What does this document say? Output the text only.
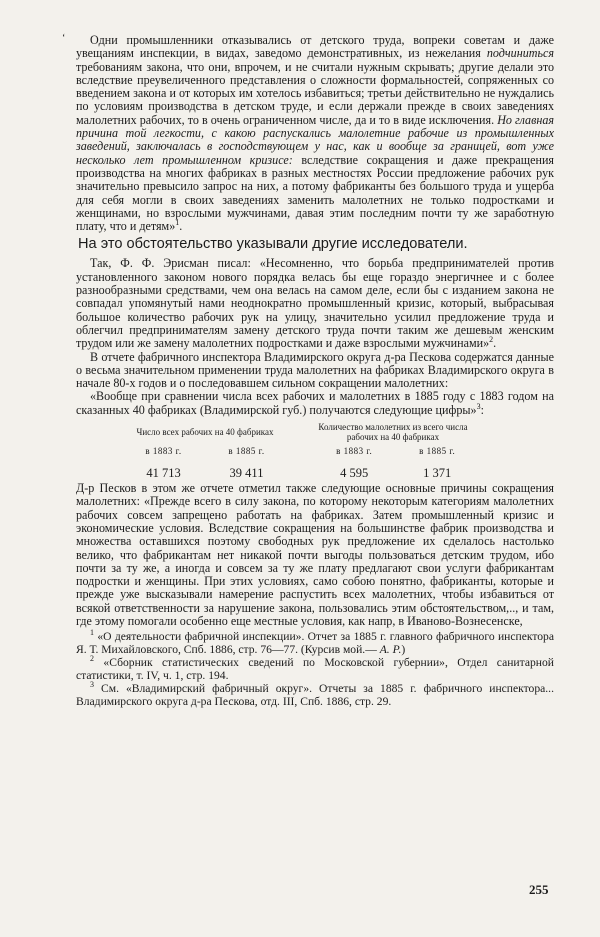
ʻ	Одни промышленники отказывались от детского труда, вопреки советам и даже увещаниям инспекции, в видах, заведомо демонстративных, из нежелания подчиниться требованиям закона, что они, впрочем, и не считали нужным скрывать; другие делали это вследствие преувеличенного представления о сложности формальностей, сопряженных со введением закона и от которых им хотелось избавиться; третьи действительно не нуждались по условиям производства в детском труде, и если держали прежде в своих заведениях малолетних рабочих, то в очень ограниченном числе, да и то в виде исключения. Но главная причина той легкости, с какою распускались малолетние рабочие из промышленных заведений, заключалась в господствующем у нас, как и вообще за границей, вот уже несколько лет промышленном кризисе: вследствие сокращения и даже прекращения производства на многих фабриках в разных местностях России предложение рабочих рук значительно превысило запрос на них, а потому фабриканты без большого труда и ущерба для себя могли в своих заведениях заменить малолетних не только подростками и женщинами, но взрослыми мужчинами, давая этим последним почти ту же заработную плату, что и детям»$^1$.

На это обстоятельство указывали другие исследователи.

Так, Ф. Ф. Эрисман писал: «Несомненно, что борьба предпринимателей против установленного законом нового порядка велась бы еще гораздо энергичнее и с более разнообразными средствами, чем она велась на самом деле, если бы с изданием закона не совпадал упомянутый нами неоднократно промышленный кризис, который, выбрасывая большое количество рабочих рук на улицу, значительно усилил предложение труда и облегчил предпринимателям замену детского труда почти таким же дешевым женским трудом или же замену малолетних подростками и даже взрослыми мужчинами»$^2$.

В отчете фабричного инспектора Владимирского округа д-ра Пескова содержатся данные о весьма значительном применении труда малолетних на фабриках Владимирского округа в начале 80-х годов и о последовавшем сильном сокращении малолетних:

«Вообще при сравнении числа всех рабочих и малолетних в 1885 году с 1883 годом на сказанных 40 фабриках (Владимирской губ.) получаются следующие цифры»$^3$:

Число всех рабочих на 40 фабриках		Количество малолетних из всего числа рабочих на 40 фабриках	
в 1883 г.	в 1885 г.	в 1883 г.	в 1885 г.
41 713	39 411	4 595	1 371

Д-р Песков в этом же отчете отметил также следующие основные причины сокращения малолетних: «Прежде всего в силу закона, по которому некоторым категориям малолетних рабочих совсем запрещено работать на фабриках. Затем промышленный кризис и экономические условия. Вследствие сокращения на большинстве фабрик производства и множества оставшихся поэтому свободных рук предложение их сделалось настолько велико, что фабрикантам нет никакой почти выгоды пользоваться детским трудом, ибо почти за ту же, а иногда и совсем за ту же плату предлагают свои услуги фабрикантам подростки и женщины. При этих условиях, само собою понятно, фабриканты, которые и прежде уже высказывали намерение распустить всех малолетних, чтобы избавиться от всякой ответственности за нарушение закона, пользовались этим обстоятельством,.., и там, где этому помогали особенно еще местные условия, как напр, в Иваново-Вознесенске,

$^1$ «О деятельности фабричной инспекции». Отчет за 1885 г. главного фабричного инспектора Я. Т. Михайловского, Спб. 1886, стр. 76—77. (Курсив мой.— А. Р.)

$^2$ «Сборник статистических сведений по Московской губернии», Отдел санитарной статистики, т. IV, ч. 1, стр. 194.

$^3$ См. «Владимирский фабричный округ». Отчеты за 1885 г. фабричного инспектора... Владимирского округа д-ра Пескова, отд. III, Спб. 1886, стр. 29.

255
